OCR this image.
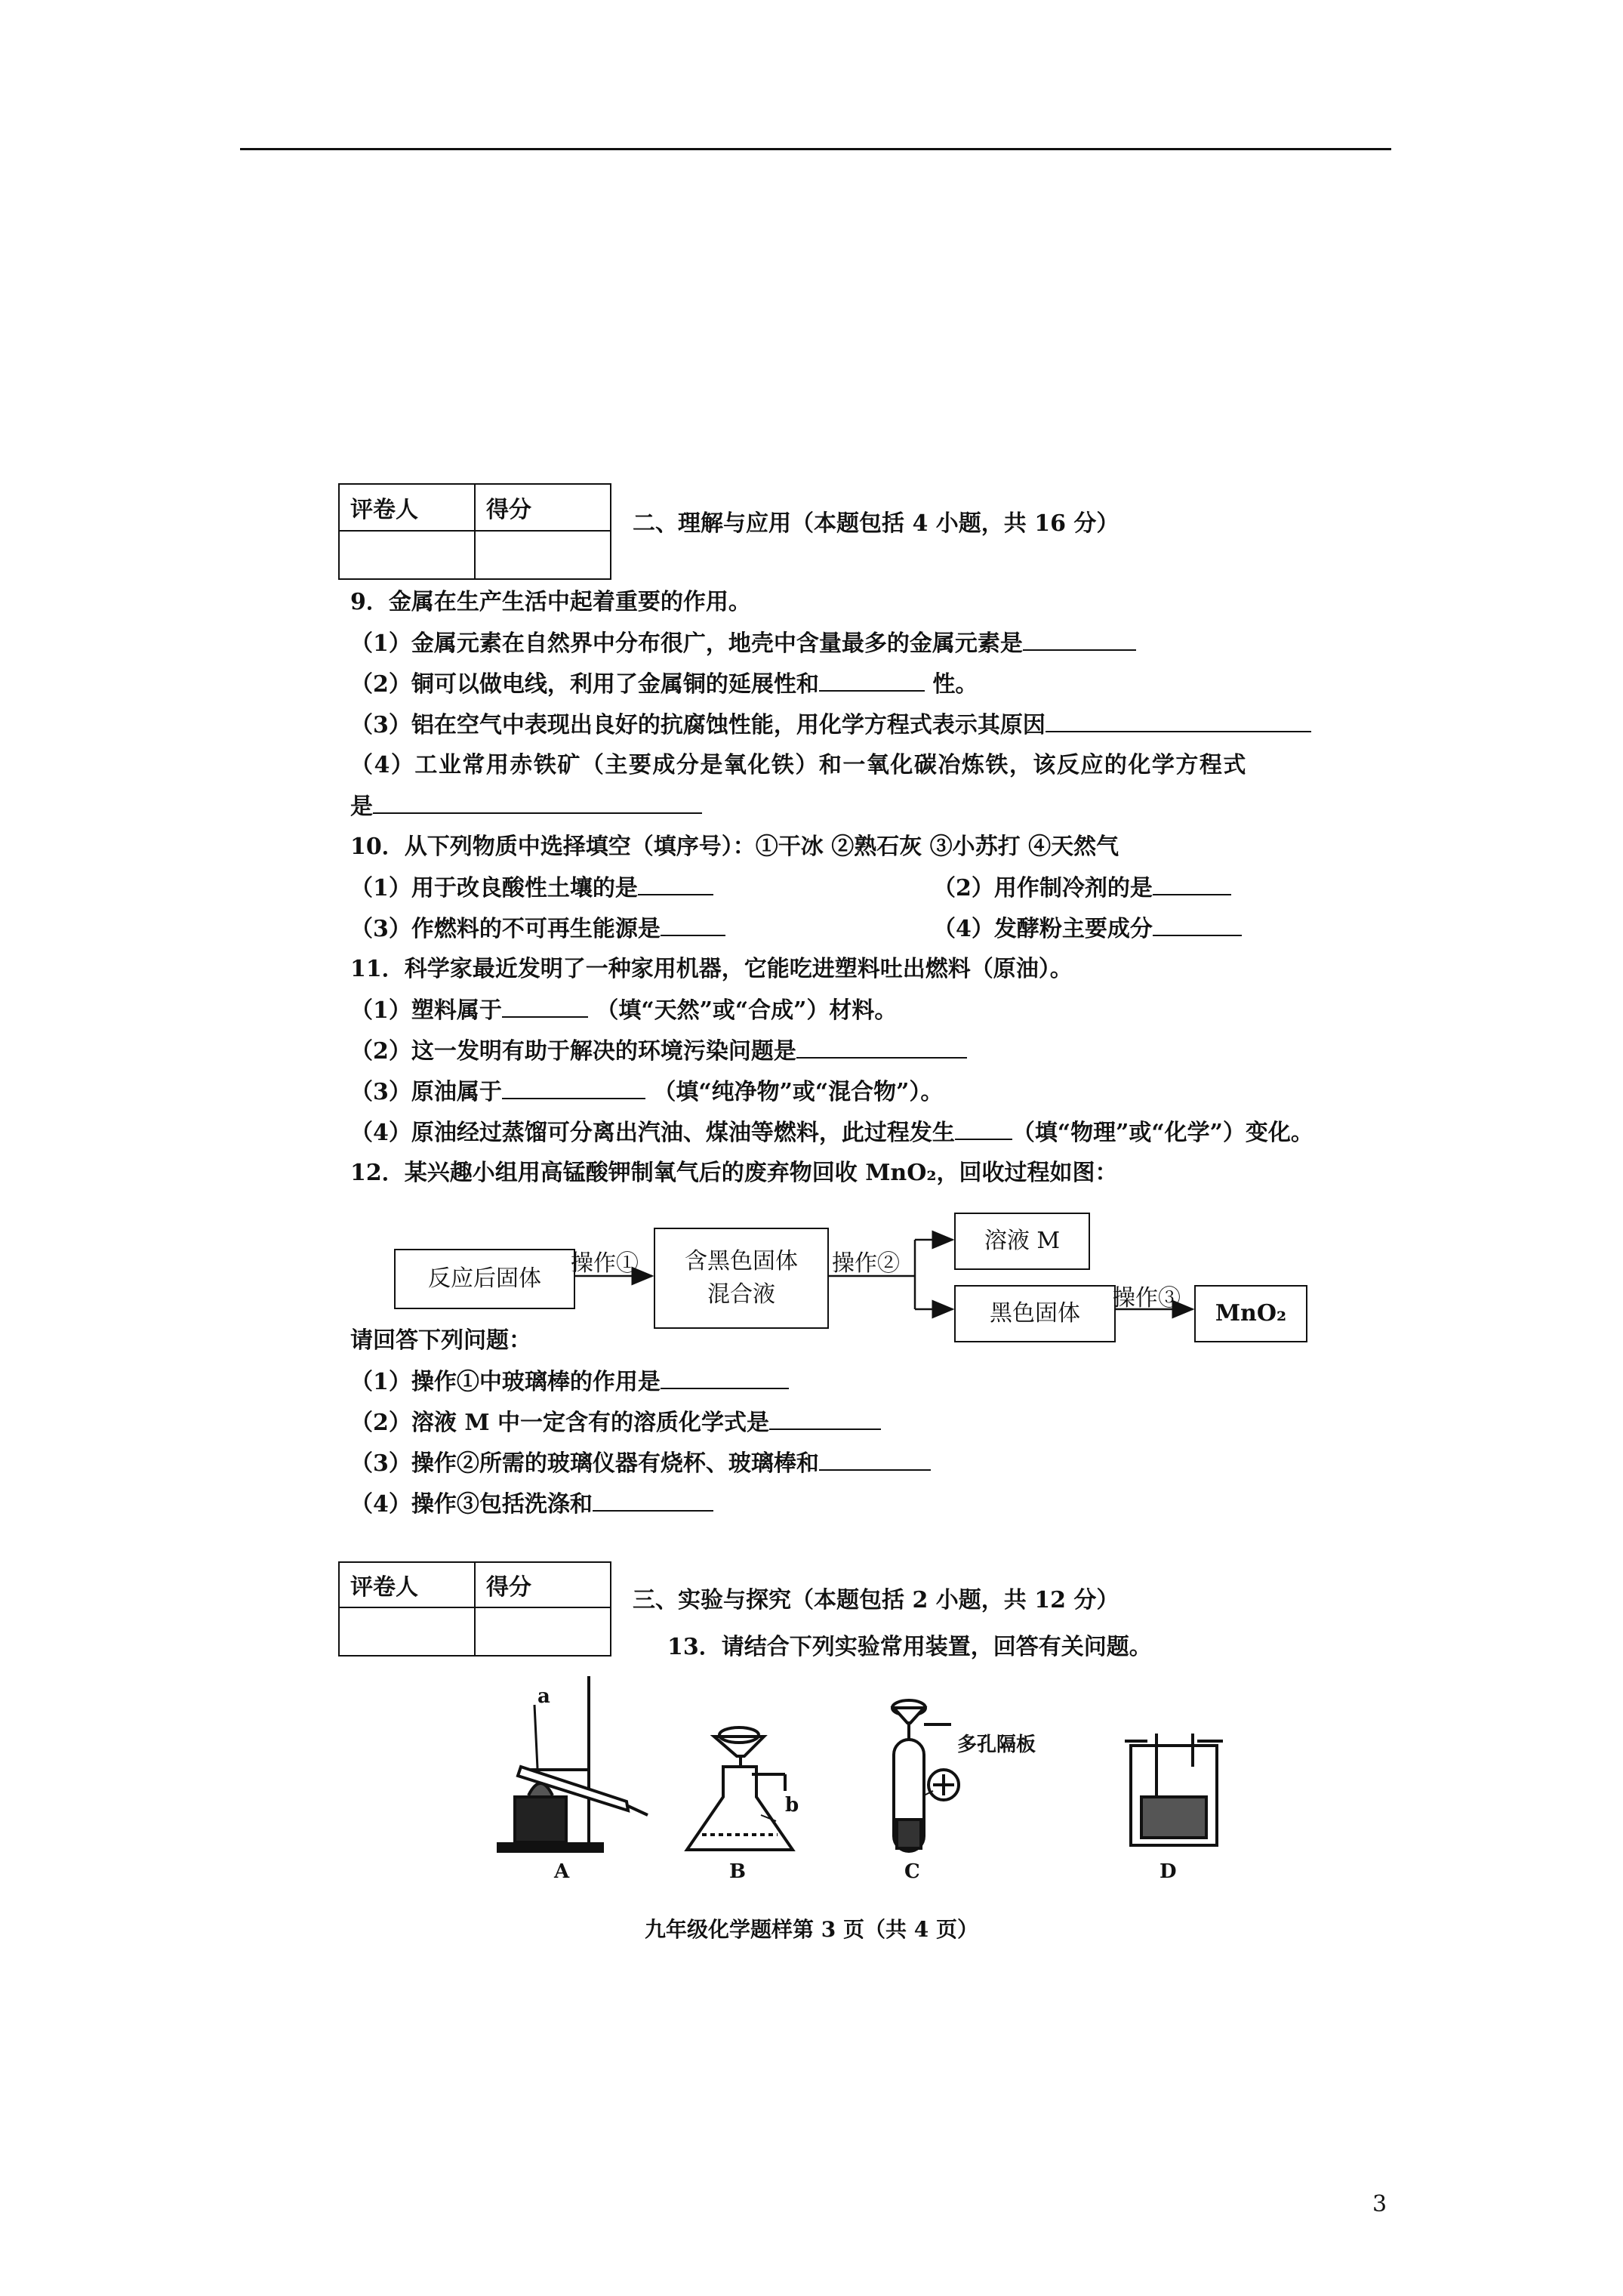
评卷人	得分

二、理解与应用（本题包括 4 小题，共 16 分）
9．金属在生产生活中起着重要的作用。
（1）金属元素在自然界中分布很广，地壳中含量最多的金属元素是
（2）铜可以做电线，利用了金属铜的延展性和	性。
（3）铝在空气中表现出良好的抗腐蚀性能，用化学方程式表示其原因
（4）工业常用赤铁矿（主要成分是氧化铁）和一氧化碳冶炼铁，该反应的化学方程式
是
10．从下列物质中选择填空（填序号）：①干冰 ②熟石灰 ③小苏打 ④天然气
（1）用于改良酸性土壤的是	（2）用作制冷剂的是
（3）作燃料的不可再生能源是	（4）发酵粉主要成分
11．科学家最近发明了一种家用机器，它能吃进塑料吐出燃料（原油）。
（1）塑料属于	（填“天然”或“合成”）材料。
（2）这一发明有助于解决的环境污染问题是
（3）原油属于	（填“纯净物”或“混合物”）。
（4）原油经过蒸馏可分离出汽油、煤油等燃料，此过程发生	（填“物理”或“化学”）变化。
12．某兴趣小组用高锰酸钾制氧气后的废弃物回收 MnO₂，回收过程如图：
反应后固体
操作① 含黑色固体
混合液
操作②
溶液 M
黑色固体
操作③
MnO₂
请回答下列问题：
（1）操作①中玻璃棒的作用是
（2）溶液 M 中一定含有的溶质化学式是
（3）操作②所需的玻璃仪器有烧杯、玻璃棒和
（4）操作③包括洗涤和
评卷人	得分
		三、实验与探究（本题包括 2 小题，共 12 分）
13．请结合下列实验常用装置，回答有关问题。
a
b
多孔隔板
A	B	C	D
九年级化学题样第 3 页（共 4 页）
3
